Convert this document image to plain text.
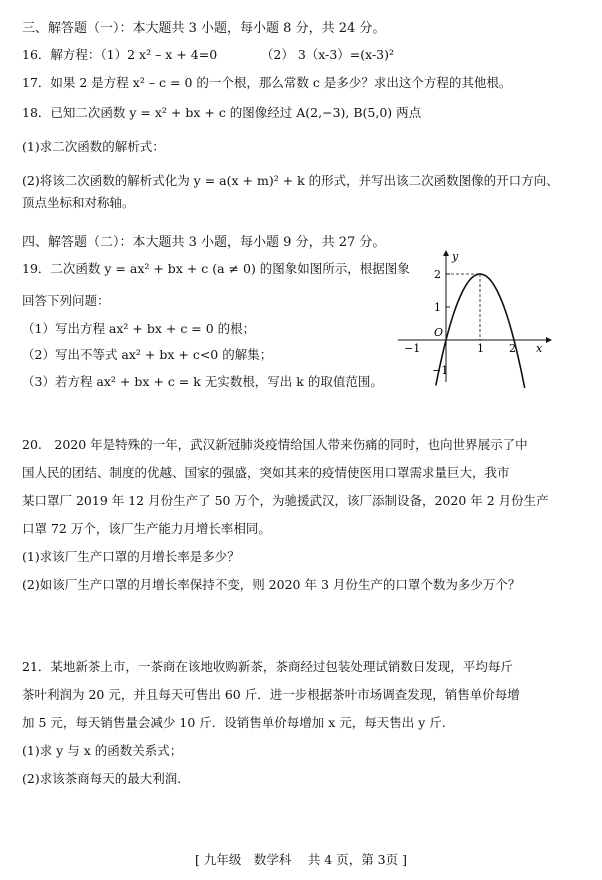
三、解答题（一）：本大题共 3 小题，每小题 8 分，共 24 分。
16．解方程：（1）2 x² – x + 4=0　　　　（2） 3（x-3）=(x-3)²
17．如果 2 是方程 x² – c = 0 的一个根，那么常数 c 是多少？求出这个方程的其他根。
18．已知二次函数 y = x² + bx + c 的图像经过 A(2,−3), B(5,0) 两点
(1)求二次函数的解析式：
(2)将该二次函数的解析式化为 y = a(x + m)² + k 的形式，并写出该二次函数图像的开口方向、
顶点坐标和对称轴。
四、解答题（二）：本大题共 3 小题，每小题 9 分，共 27 分。
19．二次函数 y = ax² + bx + c (a ≠ 0) 的图象如图所示，根据图象
回答下列问题：
（1）写出方程 ax² + bx + c = 0 的根；
（2）写出不等式 ax² + bx + c<0 的解集；
（3）若方程 ax² + bx + c = k 无实数根，写出 k 的取值范围。
y
x
O
−1	1 2
2
1
−1
20.　2020 年是特殊的一年，武汉新冠肺炎疫情给国人带来伤痛的同时，也向世界展示了中
国人民的团结、制度的优越、国家的强盛，突如其来的疫情使医用口罩需求量巨大，我市
某口罩厂 2019 年 12 月份生产了 50 万个，为驰援武汉，该厂添制设备，2020 年 2 月份生产
口罩 72 万个，该厂生产能力月增长率相同。
(1)求该厂生产口罩的月增长率是多少？
(2)如该厂生产口罩的月增长率保持不变，则 2020 年 3 月份生产的口罩个数为多少万个？
21．某地新茶上市，一茶商在该地收购新茶，茶商经过包装处理试销数日发现，平均每斤
茶叶利润为 20 元，并且每天可售出 60 斤．进一步根据茶叶市场调查发现，销售单价每增
加 5 元，每天销售量会减少 10 斤．设销售单价每增加 x 元，每天售出 y 斤.
(1)求 y 与 x 的函数关系式；
(2)求该茶商每天的最大利润.
[ 九年级　数学科　 共 4 页，第 3页 ]
